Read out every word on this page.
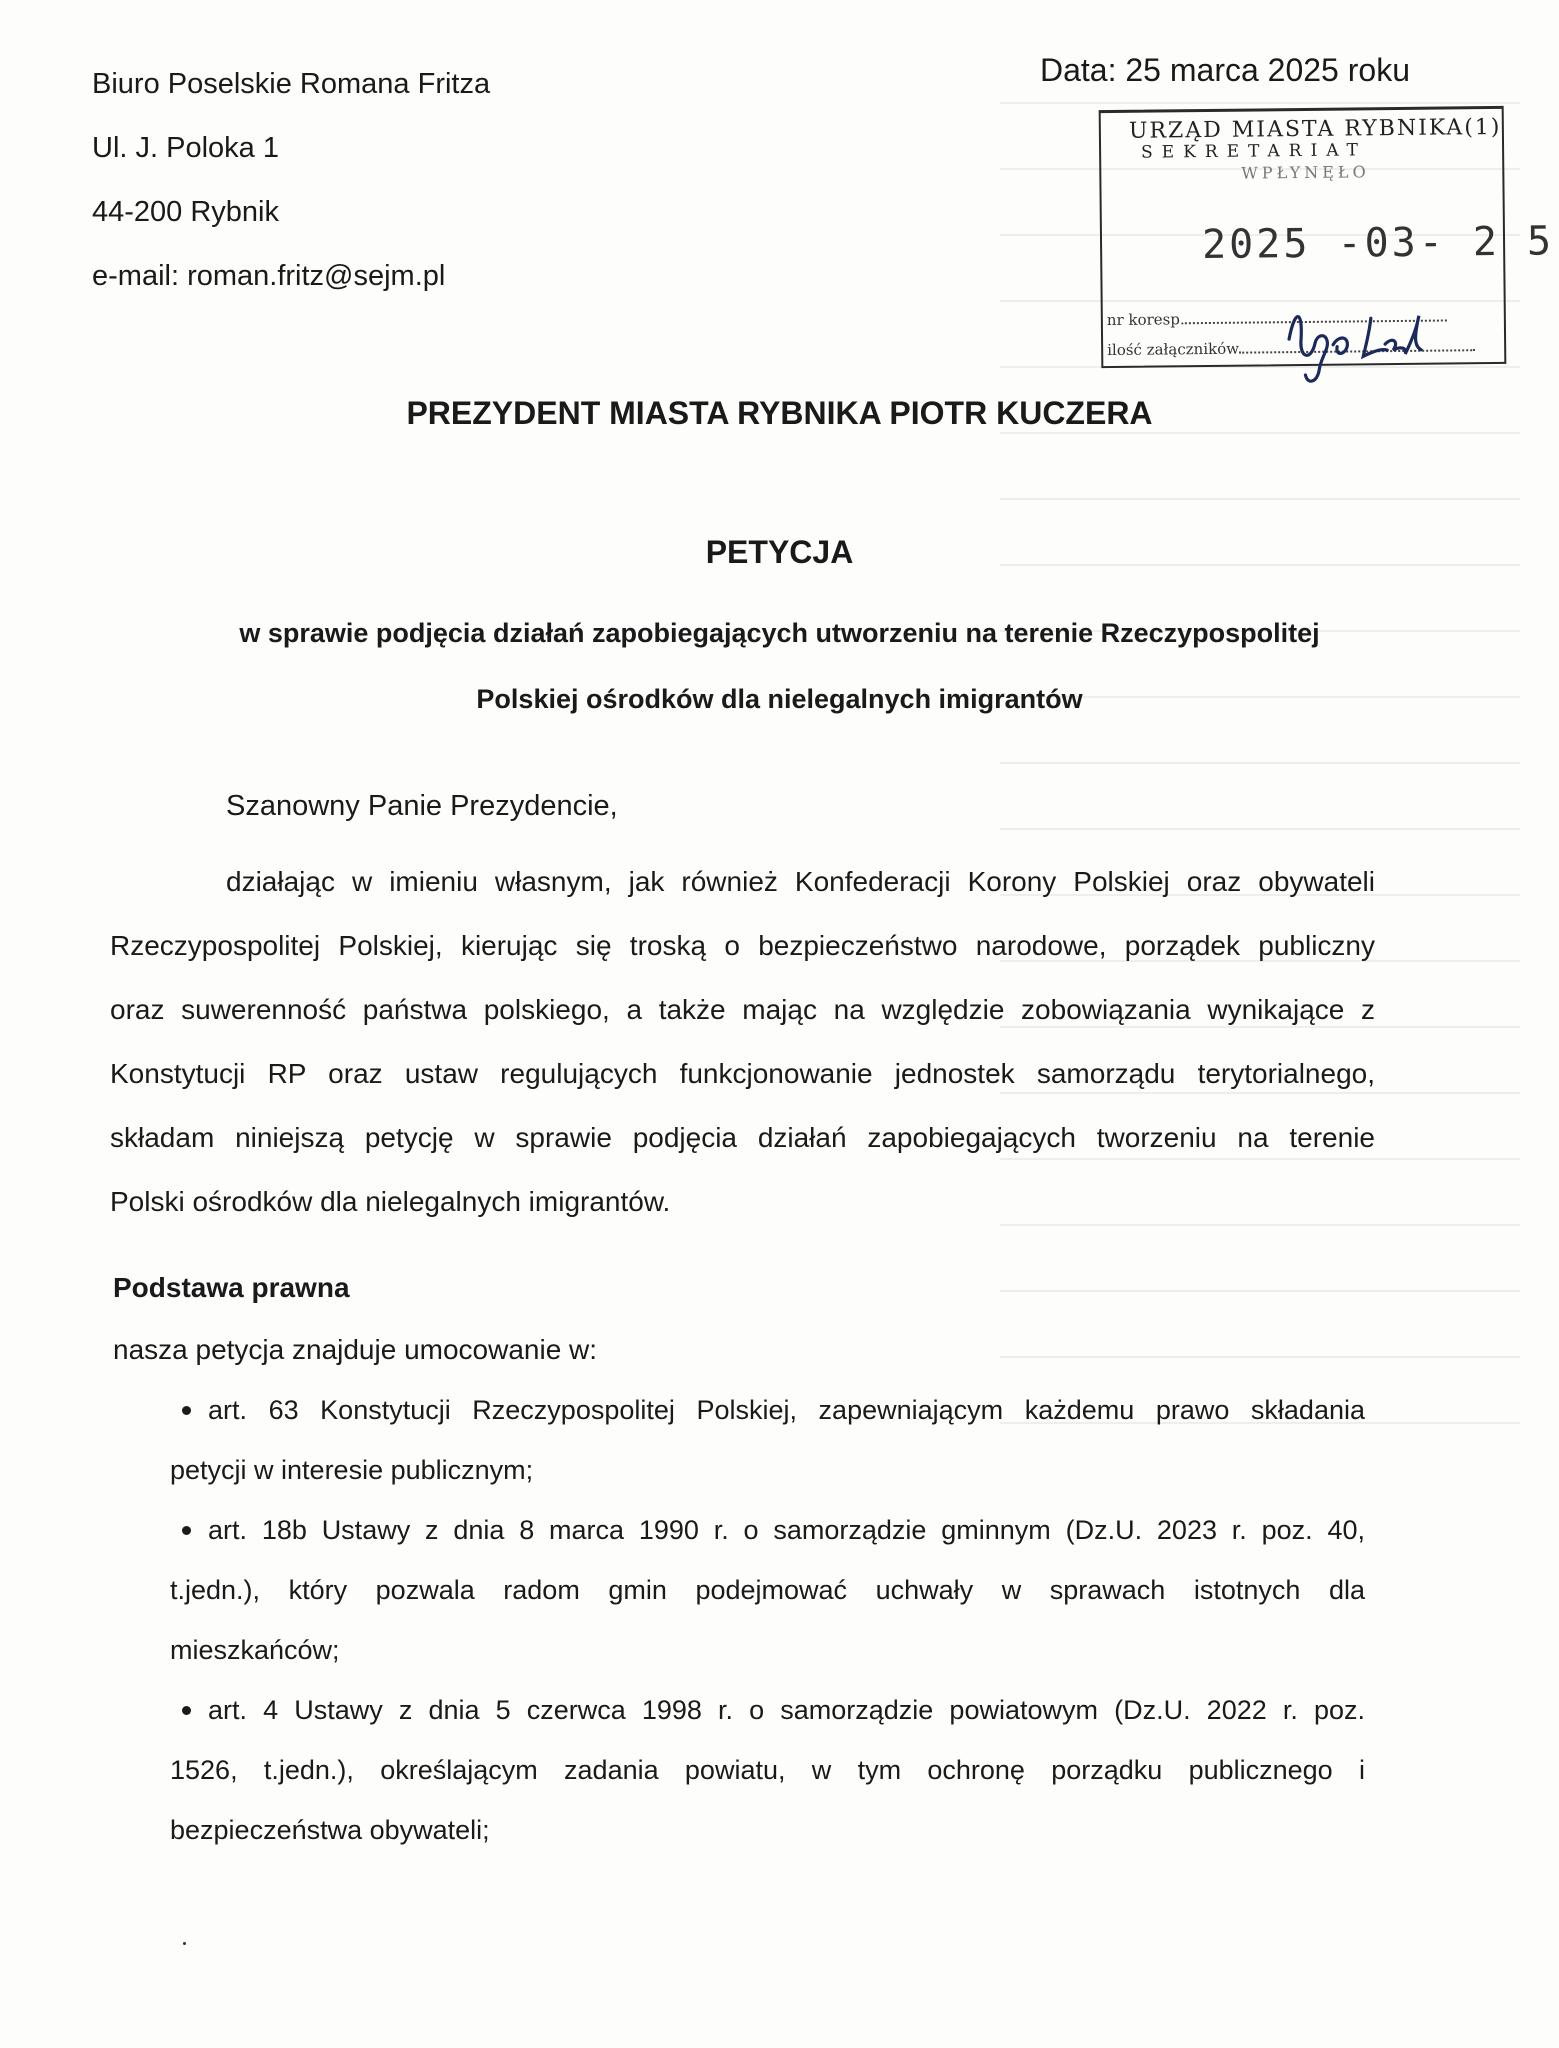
Biuro Poselskie Romana Fritza
Ul. J. Poloka 1
44-200 Rybnik
e-mail: roman.fritz@sejm.pl
Data: 25 marca 2025 roku
URZĄD MIASTA RYBNIKA(1)
SEKRETARIAT
WPŁYNĘŁO
2025 -03- 2 5
nr koresp.
ilość załączników
PREZYDENT MIASTA RYBNIKA PIOTR KUCZERA
PETYCJA
w sprawie podjęcia działań zapobiegających utworzeniu na terenie Rzeczypospolitej
Polskiej ośrodków dla nielegalnych imigrantów
Szanowny Panie Prezydencie,
działając w imieniu własnym, jak również Konfederacji Korony Polskiej oraz obywateli
Rzeczypospolitej Polskiej, kierując się troską o bezpieczeństwo narodowe, porządek publiczny
oraz suwerenność państwa polskiego, a także mając na względzie zobowiązania wynikające z
Konstytucji RP oraz ustaw regulujących funkcjonowanie jednostek samorządu terytorialnego,
składam niniejszą petycję w sprawie podjęcia działań zapobiegających tworzeniu na terenie
Polski ośrodków dla nielegalnych imigrantów.
Podstawa prawna
nasza petycja znajduje umocowanie w:
art. 63 Konstytucji Rzeczypospolitej Polskiej, zapewniającym każdemu prawo składania
petycji w interesie publicznym;
art. 18b Ustawy z dnia 8 marca 1990 r. o samorządzie gminnym (Dz.U. 2023 r. poz. 40,
t.jedn.), który pozwala radom gmin podejmować uchwały w sprawach istotnych dla
mieszkańców;
art. 4 Ustawy z dnia 5 czerwca 1998 r. o samorządzie powiatowym (Dz.U. 2022 r. poz.
1526, t.jedn.), określającym zadania powiatu, w tym ochronę porządku publicznego i
bezpieczeństwa obywateli;
